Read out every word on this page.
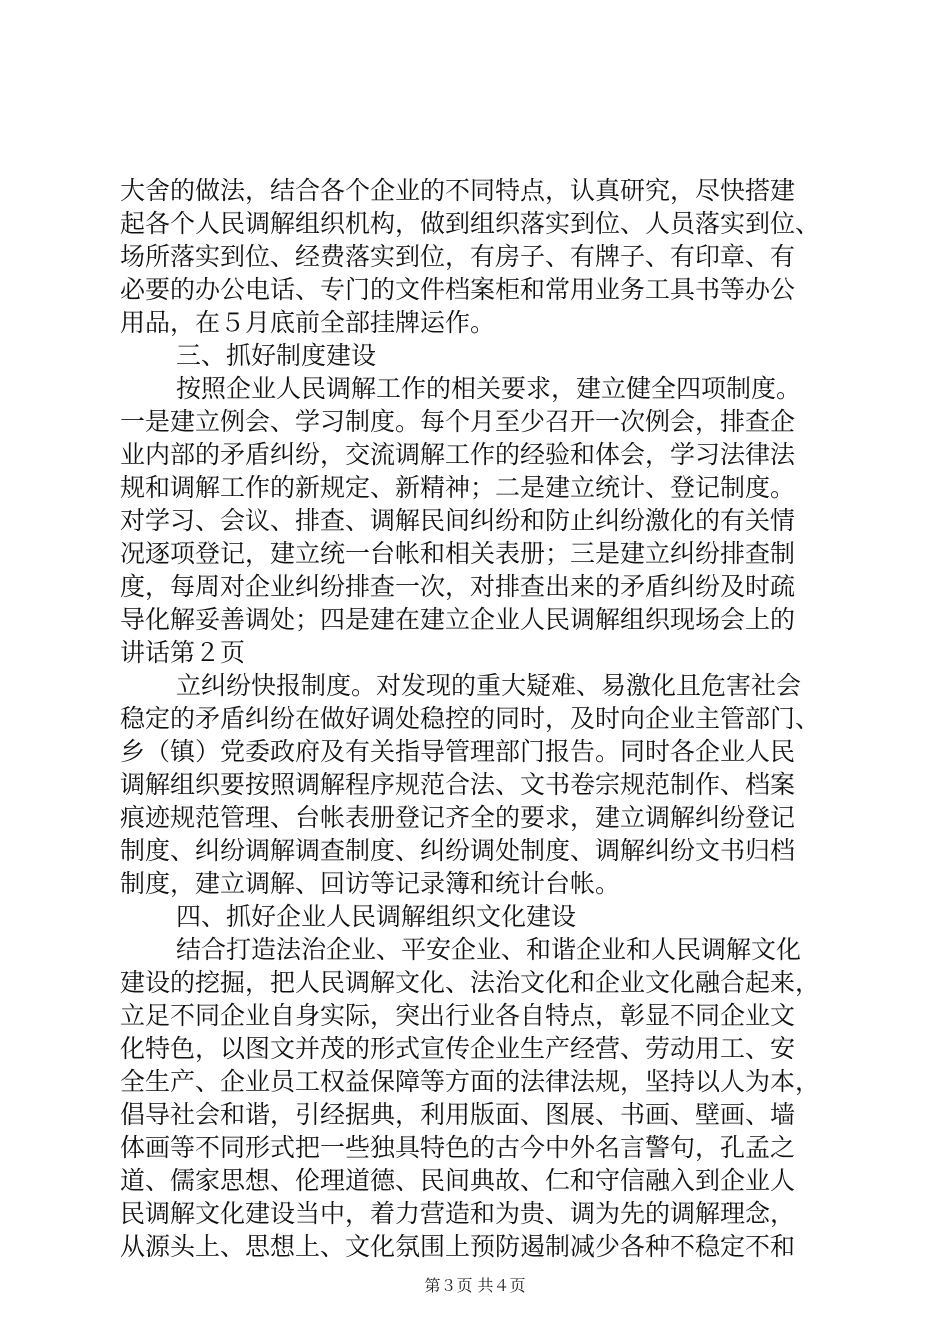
大舍的做法，结合各个企业的不同特点，认真研究，尽快搭建
起各个人民调解组织机构，做到组织落实到位、人员落实到位、
场所落实到位、经费落实到位，有房子、有牌子、有印章、有
必要的办公电话、专门的文件档案柜和常用业务工具书等办公
用品，在５月底前全部挂牌运作。
三、抓好制度建设
按照企业人民调解工作的相关要求，建立健全四项制度。
一是建立例会、学习制度。每个月至少召开一次例会，排查企
业内部的矛盾纠纷，交流调解工作的经验和体会，学习法律法
规和调解工作的新规定、新精神；二是建立统计、登记制度。
对学习、会议、排查、调解民间纠纷和防止纠纷激化的有关情
况逐项登记，建立统一台帐和相关表册；三是建立纠纷排查制
度，每周对企业纠纷排查一次，对排查出来的矛盾纠纷及时疏
导化解妥善调处；四是建在建立企业人民调解组织现场会上的
讲话第２页
立纠纷快报制度。对发现的重大疑难、易激化且危害社会
稳定的矛盾纠纷在做好调处稳控的同时，及时向企业主管部门、
乡（镇）党委政府及有关指导管理部门报告。同时各企业人民
调解组织要按照调解程序规范合法、文书卷宗规范制作、档案
痕迹规范管理、台帐表册登记齐全的要求，建立调解纠纷登记
制度、纠纷调解调查制度、纠纷调处制度、调解纠纷文书归档
制度，建立调解、回访等记录簿和统计台帐。
四、抓好企业人民调解组织文化建设
结合打造法治企业、平安企业、和谐企业和人民调解文化
建设的挖掘，把人民调解文化、法治文化和企业文化融合起来，
立足不同企业自身实际，突出行业各自特点，彰显不同企业文
化特色，以图文并茂的形式宣传企业生产经营、劳动用工、安
全生产、企业员工权益保障等方面的法律法规，坚持以人为本，
倡导社会和谐，引经据典，利用版面、图展、书画、壁画、墙
体画等不同形式把一些独具特色的古今中外名言警句，孔孟之
道、儒家思想、伦理道德、民间典故、仁和守信融入到企业人
民调解文化建设当中，着力营造和为贵、调为先的调解理念，
从源头上、思想上、文化氛围上预防遏制减少各种不稳定不和
第３页 共４页
